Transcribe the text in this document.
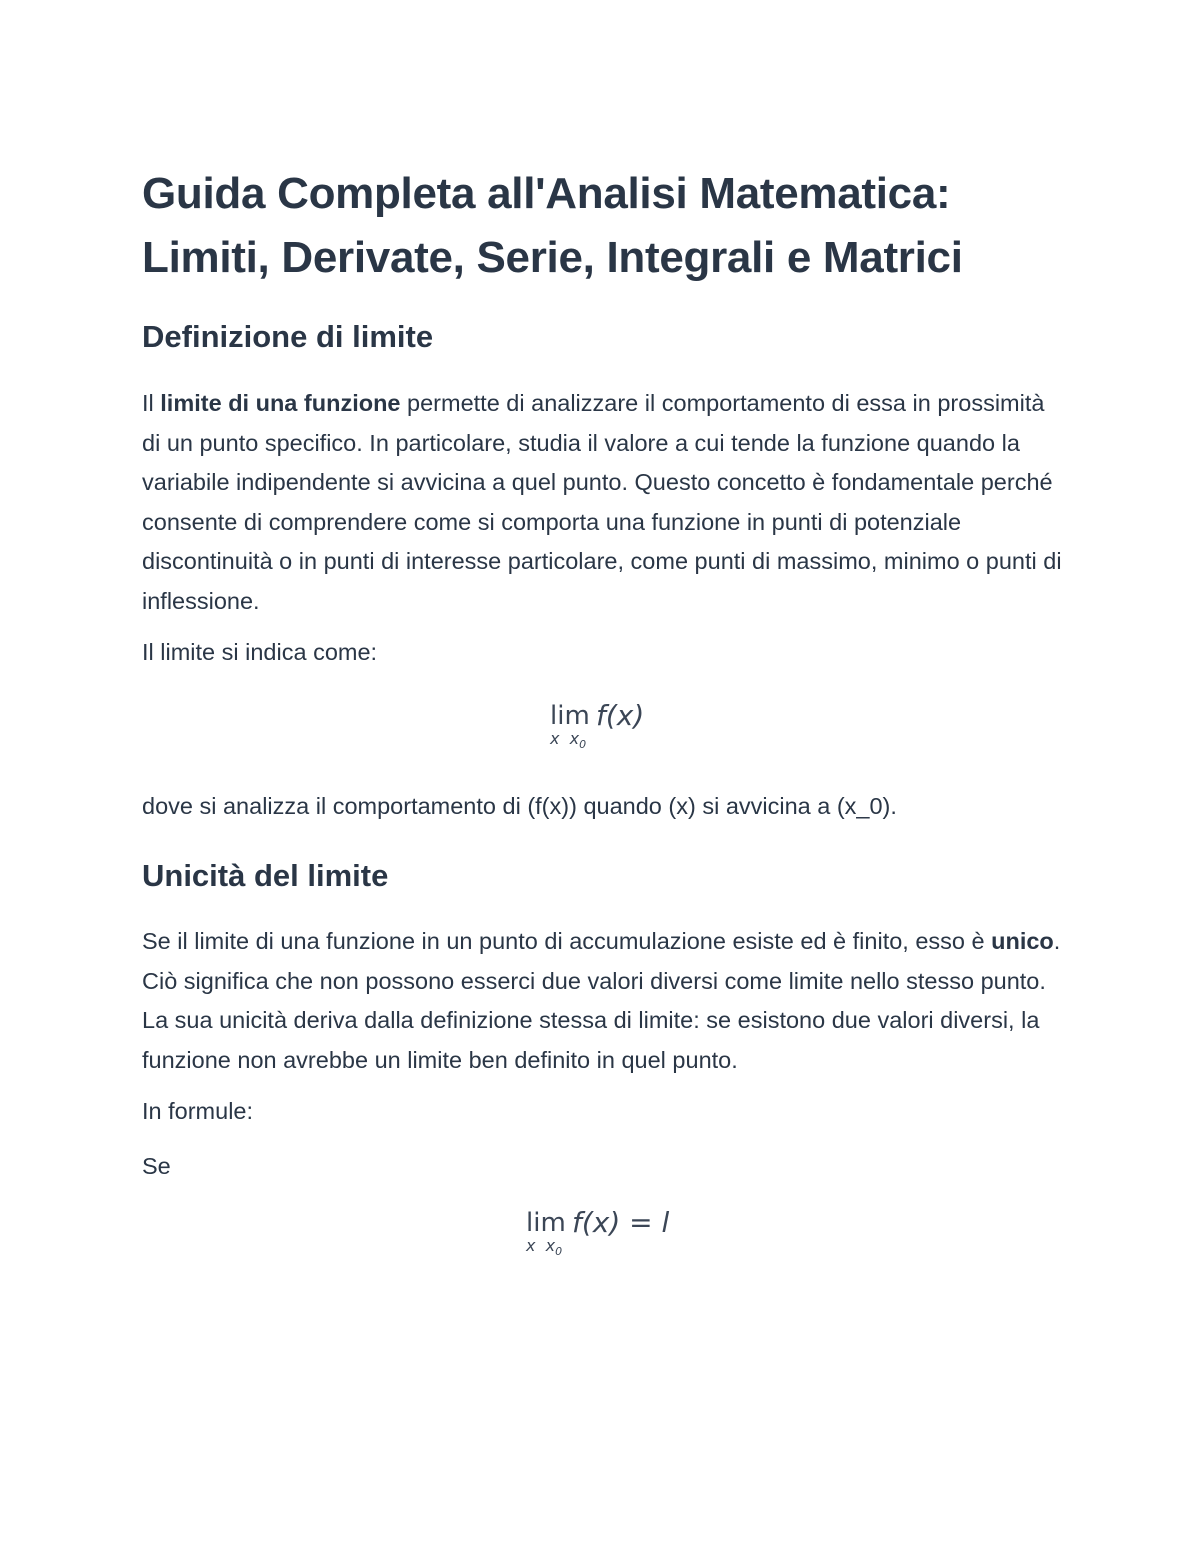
Guida Completa all'Analisi Matematica:
Limiti, Derivate, Serie, Integrali e Matrici
Definizione di limite

Il limite di una funzione permette di analizzare il comportamento di essa in prossimità di un punto specifico. In particolare, studia il valore a cui tende la funzione quando la variabile indipendente si avvicina a quel punto. Questo concetto è fondamentale perché consente di comprendere come si comporta una funzione in punti di potenziale discontinuità o in punti di interesse particolare, come punti di massimo, minimo o punti di inflessione.

Il limite si indica come:

lim
x $x_0$
f(x)

dove si analizza il comportamento di (f(x)) quando (x) si avvicina a (x_0).

Unicità del limite

Se il limite di una funzione in un punto di accumulazione esiste ed è finito, esso è unico. Ciò significa che non possono esserci due valori diversi come limite nello stesso punto. La sua unicità deriva dalla definizione stessa di limite: se esistono due valori diversi, la funzione non avrebbe un limite ben definito in quel punto.

In formule:

Se

lim
x $x_0$
f(x) = l
